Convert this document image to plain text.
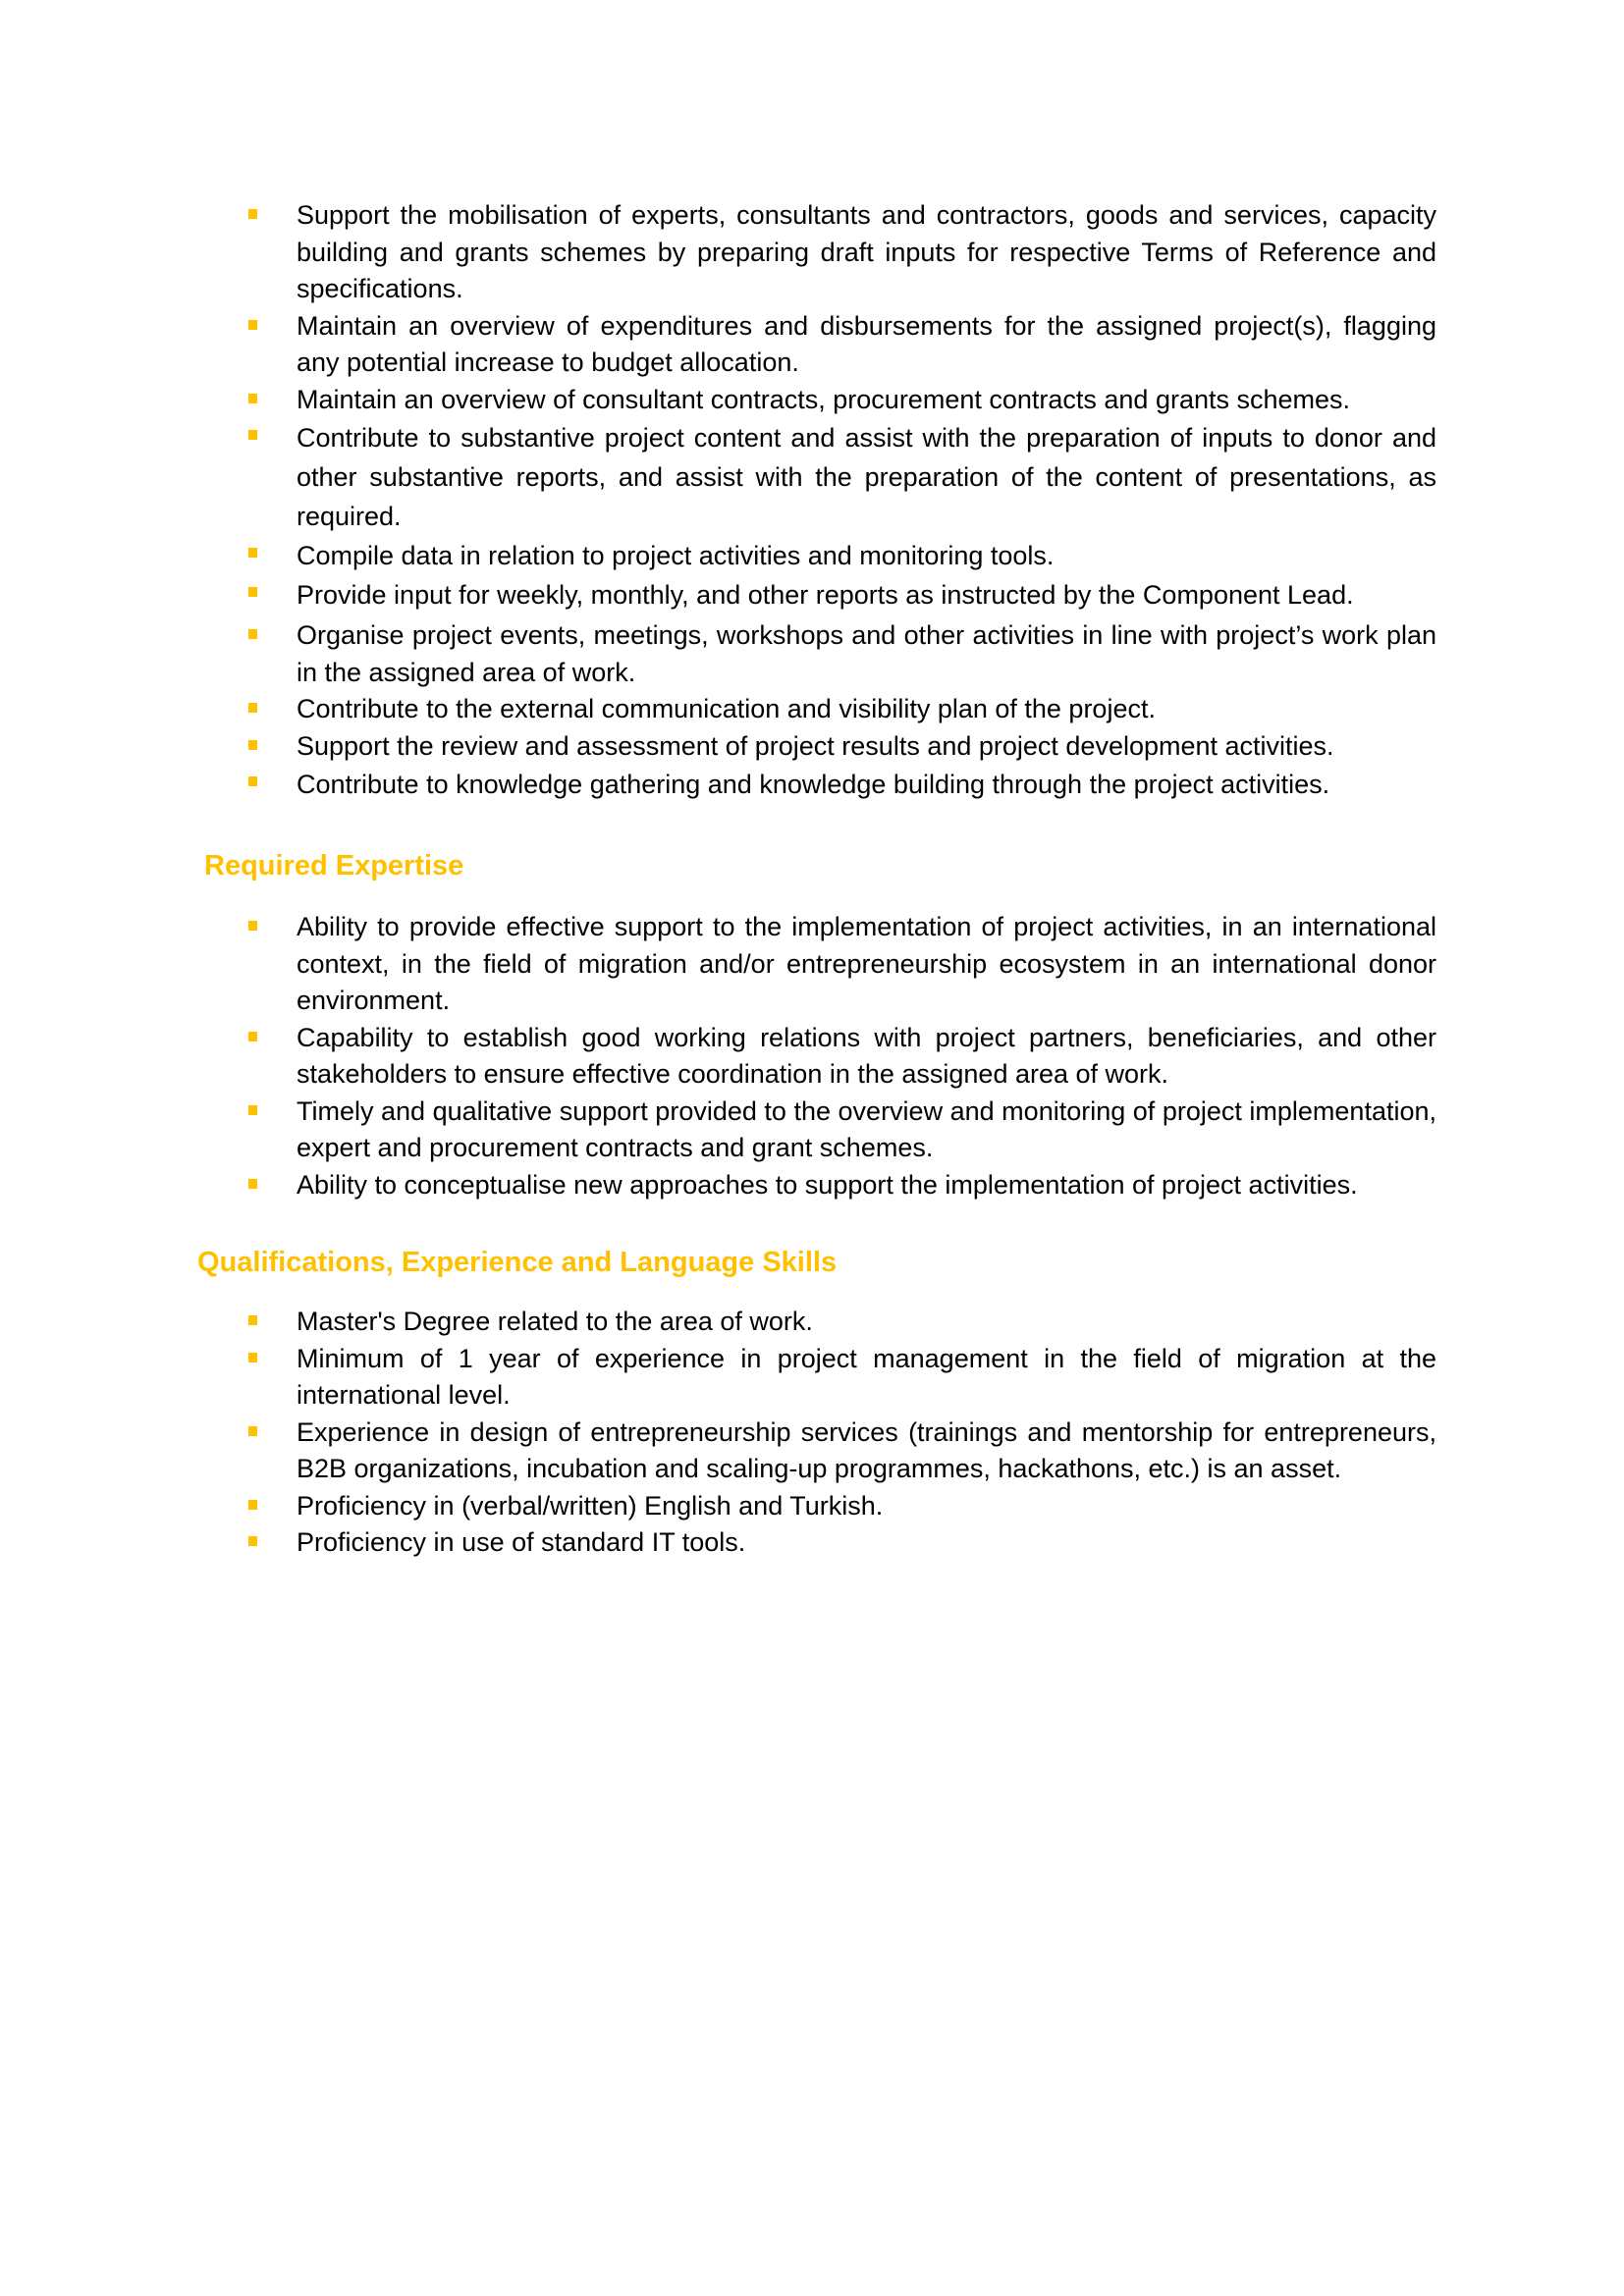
Support the mobilisation of experts, consultants and contractors, goods and services, capacity building and grants schemes by preparing draft inputs for respective Terms of Reference and specifications.
Maintain an overview of expenditures and disbursements for the assigned project(s), flagging any potential increase to budget allocation.
Maintain an overview of consultant contracts, procurement contracts and grants schemes.
Contribute to substantive project content and assist with the preparation of inputs to donor and other substantive reports, and assist with the preparation of the content of presentations, as required.
Compile data in relation to project activities and monitoring tools.
Provide input for weekly, monthly, and other reports as instructed by the Component Lead.
Organise project events, meetings, workshops and other activities in line with project’s work plan in the assigned area of work.
Contribute to the external communication and visibility plan of the project.
Support the review and assessment of project results and project development activities.
Contribute to knowledge gathering and knowledge building through the project activities.
Required Expertise
Ability to provide effective support to the implementation of project activities, in an international context, in the field of migration and/or entrepreneurship ecosystem in an international donor environment.
Capability to establish good working relations with project partners, beneficiaries, and other stakeholders to ensure effective coordination in the assigned area of work.
Timely and qualitative support provided to the overview and monitoring of project implementation, expert and procurement contracts and grant schemes.
Ability to conceptualise new approaches to support the implementation of project activities.
Qualifications, Experience and Language Skills
Master's Degree related to the area of work.
Minimum of 1 year of experience in project management in the field of migration at the international level.
Experience in design of entrepreneurship services (trainings and mentorship for entrepreneurs, B2B organizations, incubation and scaling-up programmes, hackathons, etc.) is an asset.
Proficiency in (verbal/written) English and Turkish.
Proficiency in use of standard IT tools.
